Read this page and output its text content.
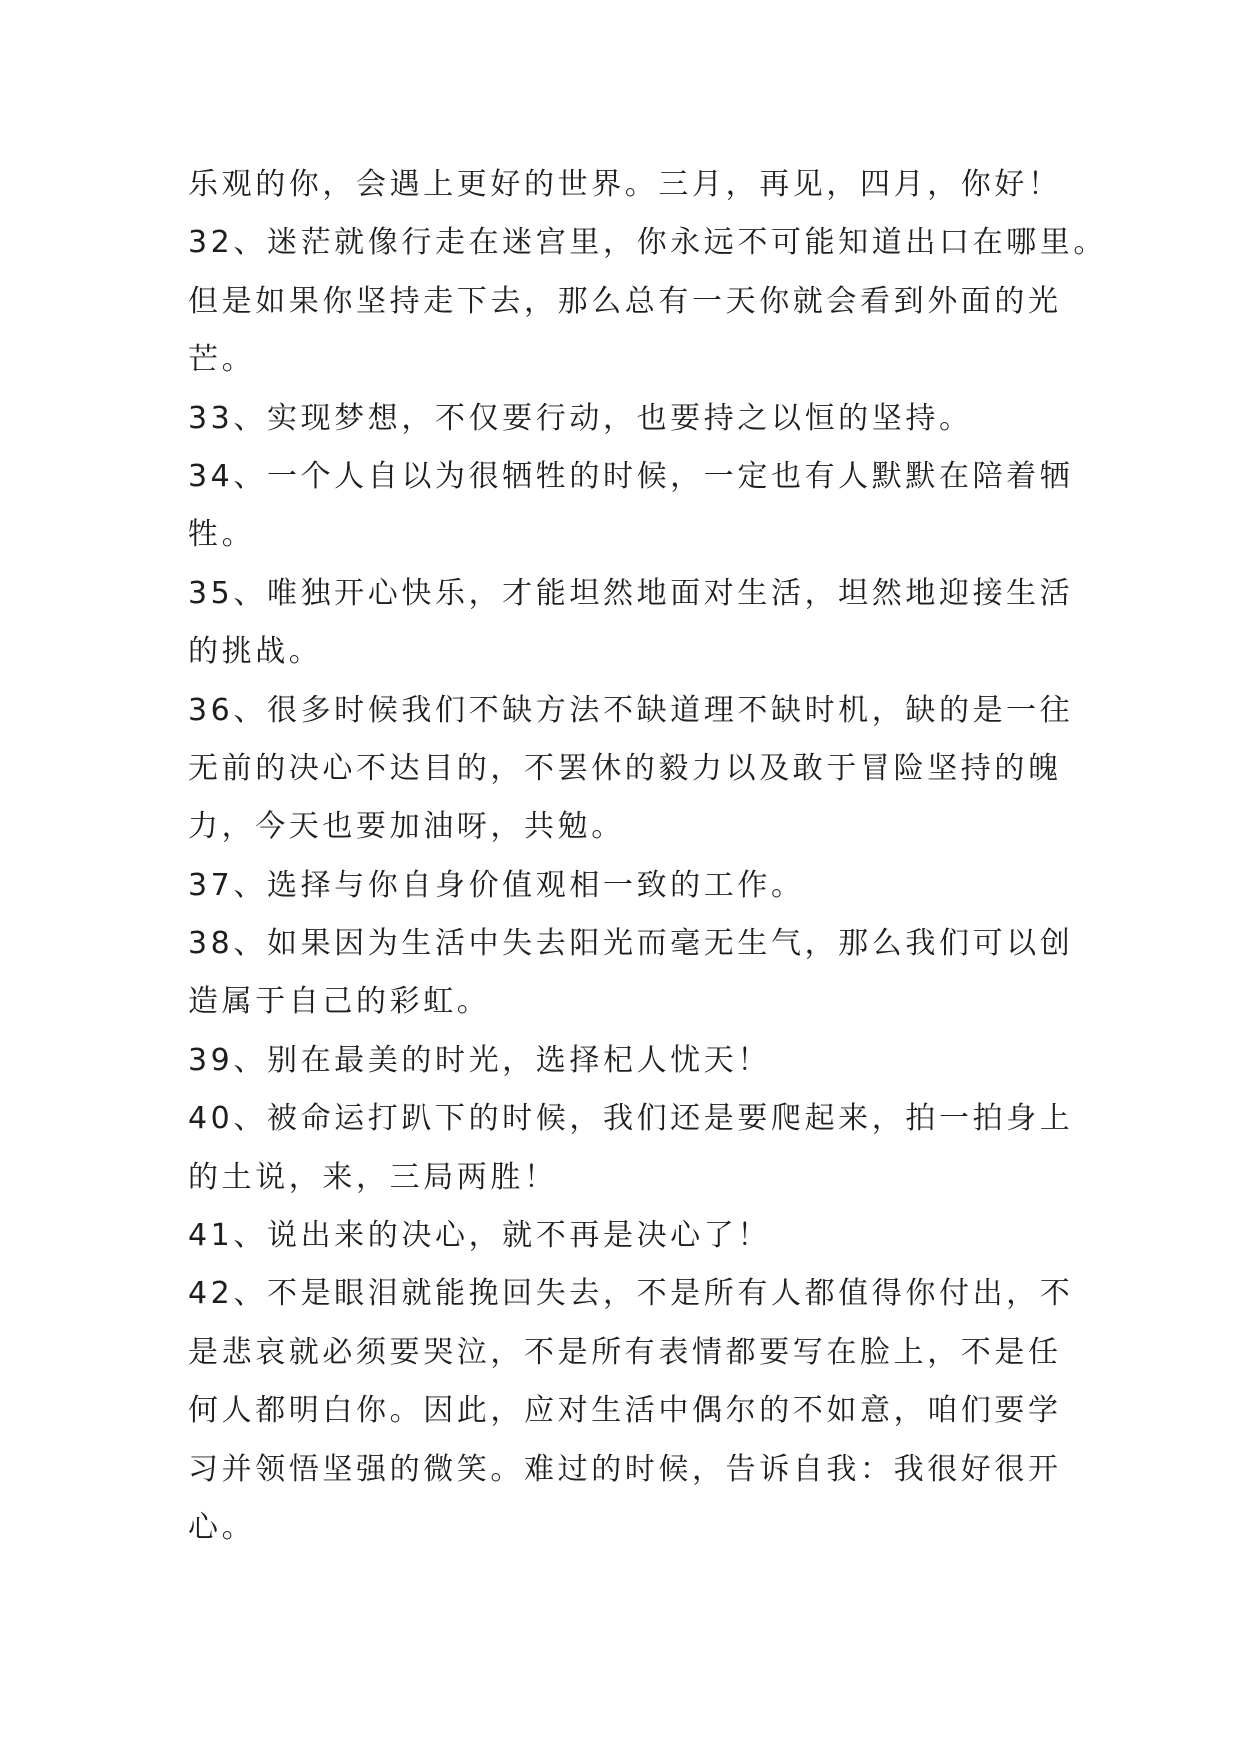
乐观的你，会遇上更好的世界。三月，再见，四月，你好！
32、迷茫就像行走在迷宫里，你永远不可能知道出口在哪里。
但是如果你坚持走下去，那么总有一天你就会看到外面的光
芒。
33、实现梦想，不仅要行动，也要持之以恒的坚持。
34、一个人自以为很牺牲的时候，一定也有人默默在陪着牺
牲。
35、唯独开心快乐，才能坦然地面对生活，坦然地迎接生活
的挑战。
36、很多时候我们不缺方法不缺道理不缺时机，缺的是一往
无前的决心不达目的，不罢休的毅力以及敢于冒险坚持的魄
力，今天也要加油呀，共勉。
37、选择与你自身价值观相一致的工作。
38、如果因为生活中失去阳光而毫无生气，那么我们可以创
造属于自己的彩虹。
39、别在最美的时光，选择杞人忧天！
40、被命运打趴下的时候，我们还是要爬起来，拍一拍身上
的土说，来，三局两胜！
41、说出来的决心，就不再是决心了！
42、不是眼泪就能挽回失去，不是所有人都值得你付出，不
是悲哀就必须要哭泣，不是所有表情都要写在脸上，不是任
何人都明白你。因此，应对生活中偶尔的不如意，咱们要学
习并领悟坚强的微笑。难过的时候，告诉自我：我很好很开
心。
